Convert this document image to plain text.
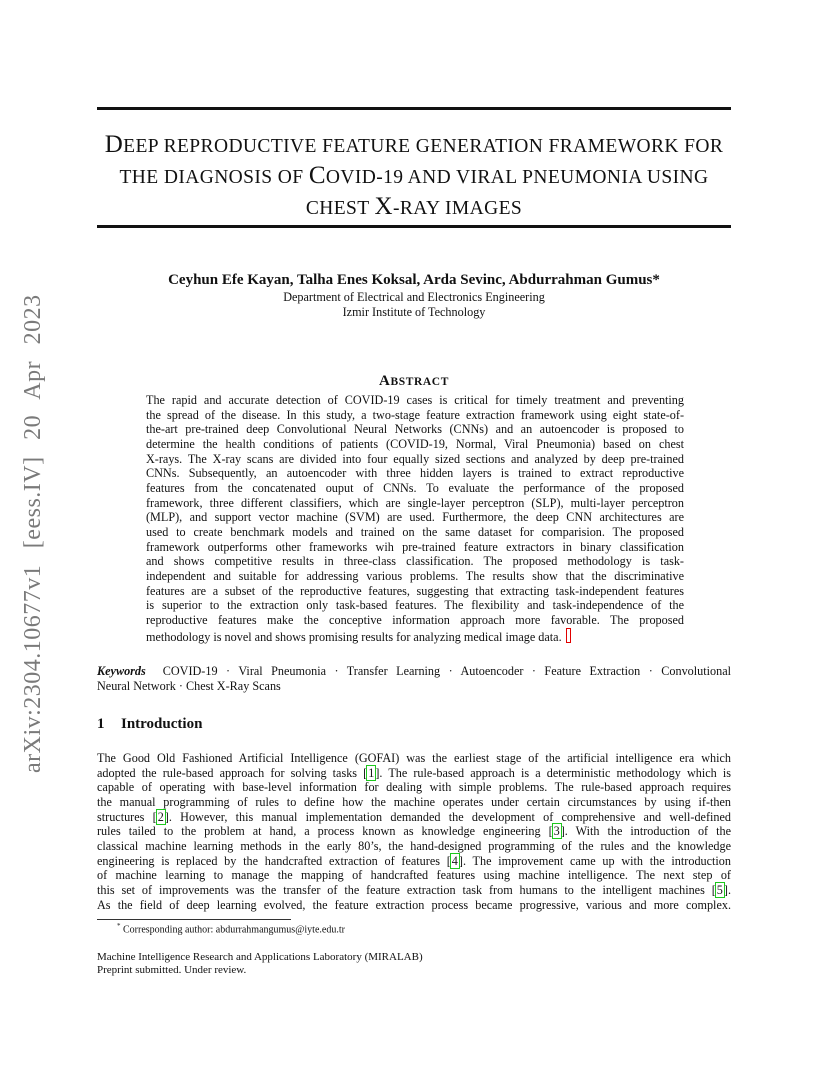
arXiv:2304.10677v1 [eess.IV] 20 Apr 2023
DEEP REPRODUCTIVE FEATURE GENERATION FRAMEWORK FOR
THE DIAGNOSIS OF COVID-19 AND VIRAL PNEUMONIA USING
CHEST X-RAY IMAGES
Ceyhun Efe Kayan, Talha Enes Koksal, Arda Sevinc, Abdurrahman Gumus*
Department of Electrical and Electronics Engineering
Izmir Institute of Technology
ABSTRACT
The rapid and accurate detection of COVID-19 cases is critical for timely treatment and preventing
the spread of the disease. In this study, a two-stage feature extraction framework using eight state-of-
the-art pre-trained deep Convolutional Neural Networks (CNNs) and an autoencoder is proposed to
determine the health conditions of patients (COVID-19, Normal, Viral Pneumonia) based on chest
X-rays. The X-ray scans are divided into four equally sized sections and analyzed by deep pre-trained
CNNs. Subsequently, an autoencoder with three hidden layers is trained to extract reproductive
features from the concatenated ouput of CNNs. To evaluate the performance of the proposed
framework, three different classifiers, which are single-layer perceptron (SLP), multi-layer perceptron
(MLP), and support vector machine (SVM) are used. Furthermore, the deep CNN architectures are
used to create benchmark models and trained on the same dataset for comparision. The proposed
framework outperforms other frameworks wih pre-trained feature extractors in binary classification
and shows competitive results in three-class classification. The proposed methodology is task-
independent and suitable for addressing various problems. The results show that the discriminative
features are a subset of the reproductive features, suggesting that extracting task-independent features
is superior to the extraction only task-based features. The flexibility and task-independence of the
reproductive features make the conceptive information approach more favorable. The proposed
methodology is novel and shows promising results for analyzing medical image data.
Keywords COVID-19 · Viral Pneumonia · Transfer Learning · Autoencoder · Feature Extraction · Convolutional
Neural Network · Chest X-Ray Scans
1 Introduction
The Good Old Fashioned Artificial Intelligence (GOFAI) was the earliest stage of the artificial intelligence era which
adopted the rule-based approach for solving tasks [1]. The rule-based approach is a deterministic methodology which is
capable of operating with base-level information for dealing with simple problems. The rule-based approach requires
the manual programming of rules to define how the machine operates under certain circumstances by using if-then
structures [2]. However, this manual implementation demanded the development of comprehensive and well-defined
rules tailed to the problem at hand, a process known as knowledge engineering [3]. With the introduction of the
classical machine learning methods in the early 80’s, the hand-designed programming of the rules and the knowledge
engineering is replaced by the handcrafted extraction of features [4]. The improvement came up with the introduction
of machine learning to manage the mapping of handcrafted features using machine intelligence. The next step of
this set of improvements was the transfer of the feature extraction task from humans to the intelligent machines [5].
As the field of deep learning evolved, the feature extraction process became progressive, various and more complex.
* Corresponding author: abdurrahmangumus@iyte.edu.tr
Machine Intelligence Research and Applications Laboratory (MIRALAB)
Preprint submitted. Under review.
